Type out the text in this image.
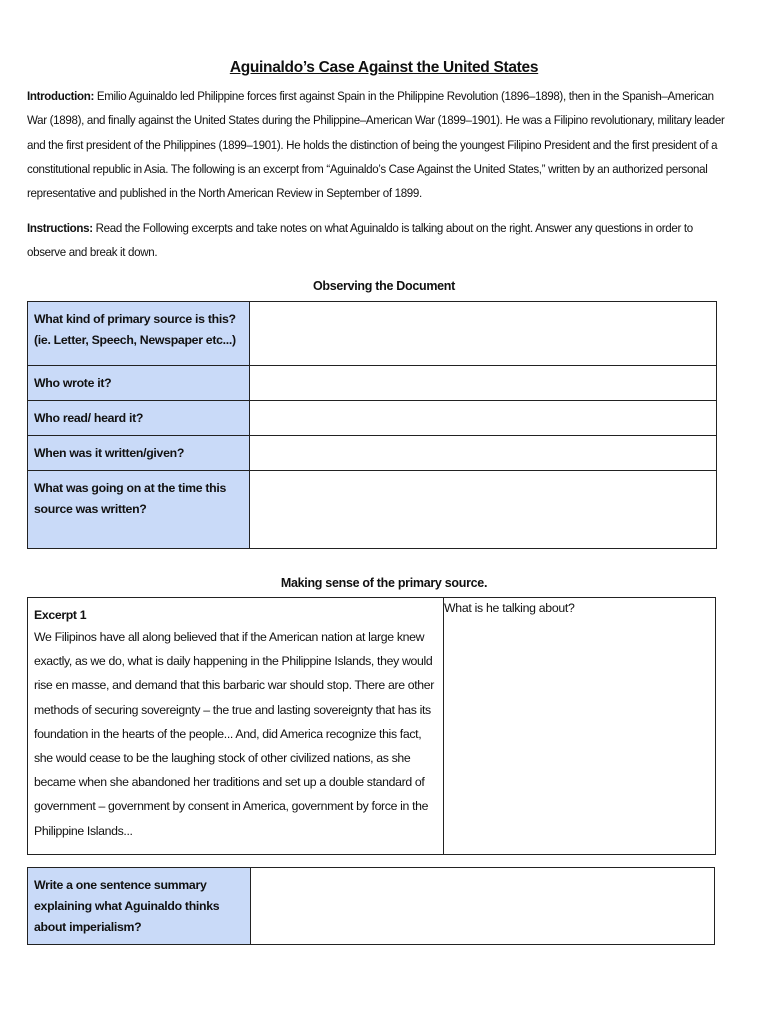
Aguinaldo’s Case Against the United States
Introduction: Emilio Aguinaldo led Philippine forces first against Spain in the Philippine Revolution (1896–1898), then in the Spanish–American War (1898), and finally against the United States during the Philippine–American War (1899–1901). He was a Filipino revolutionary, military leader and the first president of the Philippines (1899–1901). He holds the distinction of being the youngest Filipino President and the first president of a constitutional republic in Asia. The following is an excerpt from “Aguinaldo’s Case Against the United States,” written by an authorized personal representative and published in the North American Review in September of 1899.
Instructions: Read the Following excerpts and take notes on what Aguinaldo is talking about on the right. Answer any questions in order to observe and break it down.
Observing the Document
What kind of primary source is this? (ie. Letter, Speech, Newspaper etc...)	
Who wrote it?	
Who read/ heard it?	
When was it written/given?	
What was going on at the time this source was written?	
Making sense of the primary source.
Excerpt 1
We Filipinos have all along believed that if the American nation at large knew exactly, as we do, what is daily happening in the Philippine Islands, they would rise en masse, and demand that this barbaric war should stop. There are other methods of securing sovereignty – the true and lasting sovereignty that has its foundation in the hearts of the people... And, did America recognize this fact, she would cease to be the laughing stock of other civilized nations, as she became when she abandoned her traditions and set up a double standard of government – government by consent in America, government by force in the Philippine Islands...

What is he talking about?
Write a one sentence summary explaining what Aguinaldo thinks about imperialism?	
